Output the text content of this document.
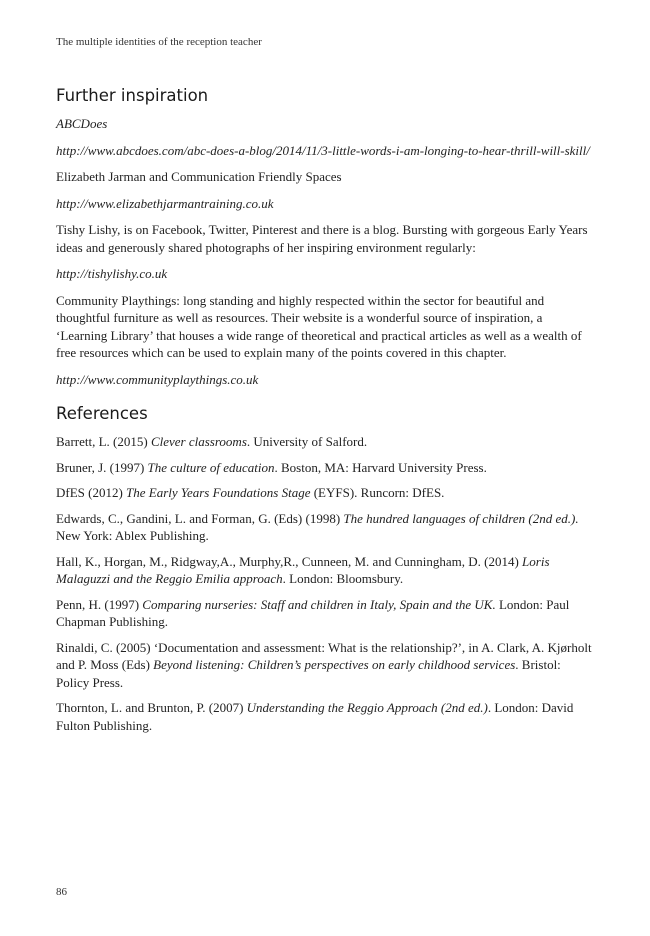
The multiple identities of the reception teacher
Further inspiration

ABCDoes

http://www.abcdoes.com/abc-does-a-blog/2014/11/3-little-words-i-am-longing-to-hear-thrill-will-skill/

Elizabeth Jarman and Communication Friendly Spaces

http://www.elizabethjarmantraining.co.uk

Tishy Lishy, is on Facebook, Twitter, Pinterest and there is a blog. Bursting with gorgeous Early Years ideas and generously shared photographs of her inspiring environment regularly:

http://tishylishy.co.uk

Community Playthings: long standing and highly respected within the sector for beautiful and thoughtful furniture as well as resources. Their website is a wonderful source of inspiration, a ‘Learning Library’ that houses a wide range of theoretical and practical articles as well as a wealth of free resources which can be used to explain many of the points covered in this chapter.

http://www.communityplaythings.co.uk

References

Barrett, L. (2015) Clever classrooms. University of Salford.

Bruner, J. (1997) The culture of education. Boston, MA: Harvard University Press.

DfES (2012) The Early Years Foundations Stage (EYFS). Runcorn: DfES.

Edwards, C., Gandini, L. and Forman, G. (Eds) (1998) The hundred languages of children (2nd ed.). New York: Ablex Publishing.

Hall, K., Horgan, M., Ridgway,A., Murphy,R., Cunneen, M. and Cunningham, D. (2014) Loris Malaguzzi and the Reggio Emilia approach. London: Bloomsbury.

Penn, H. (1997) Comparing nurseries: Staff and children in Italy, Spain and the UK. London: Paul Chapman Publishing.

Rinaldi, C. (2005) ‘Documentation and assessment: What is the relationship?’, in A. Clark, A. Kjørholt and P. Moss (Eds) Beyond listening: Children’s perspectives on early childhood services. Bristol: Policy Press.

Thornton, L. and Brunton, P. (2007) Understanding the Reggio Approach (2nd ed.). London: David Fulton Publishing.

86
